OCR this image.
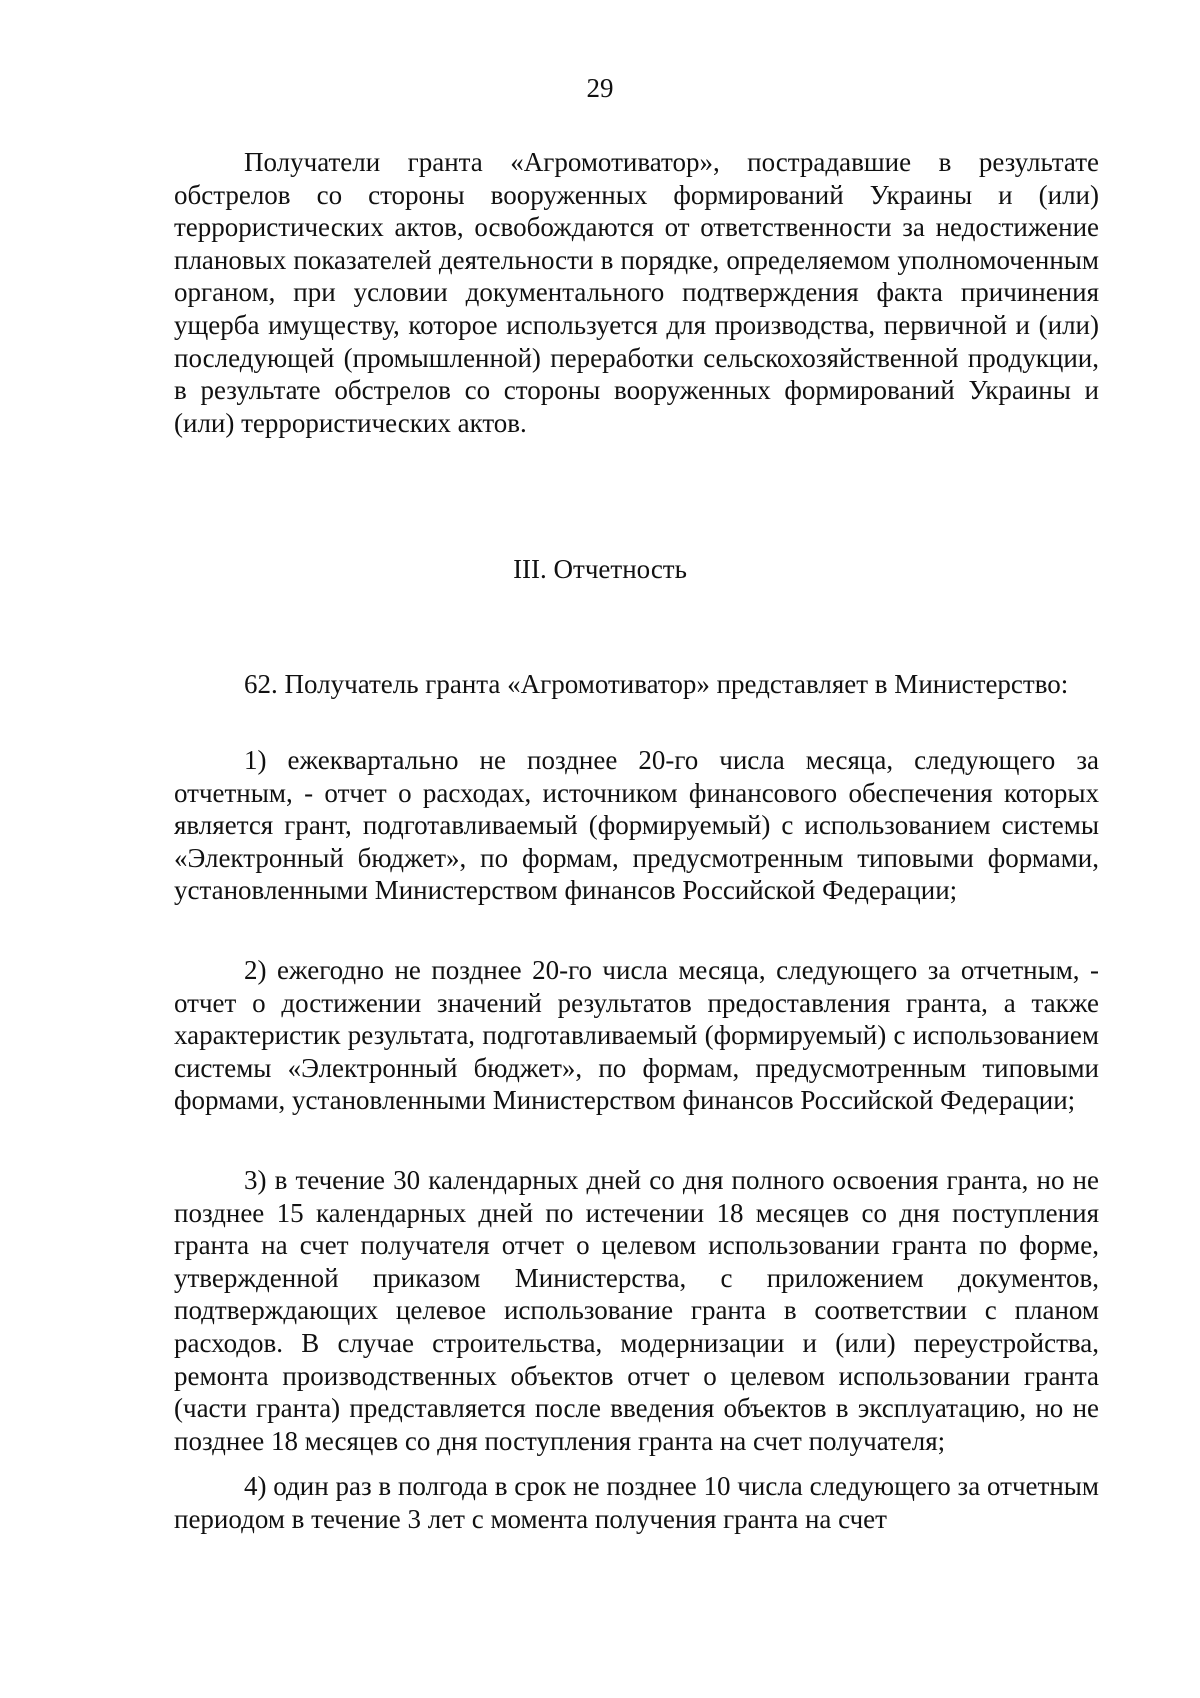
29

Получатели гранта «Агромотиватор», пострадавшие в результате обстрелов со стороны вооруженных формирований Украины и (или) террористических актов, освобождаются от ответственности за недостижение плановых показателей деятельности в порядке, определяемом уполномоченным органом, при условии документального подтверждения факта причинения ущерба имуществу, которое используется для производства, первичной и (или) последующей (промышленной) переработки сельскохозяйственной продукции, в результате обстрелов со стороны вооруженных формирований Украины и (или) террористических актов.

III. Отчетность

62. Получатель гранта «Агромотиватор» представляет в Министерство:

1) ежеквартально не позднее 20-го числа месяца, следующего за отчетным, - отчет о расходах, источником финансового обеспечения которых является грант, подготавливаемый (формируемый) с использованием системы «Электронный бюджет», по формам, предусмотренным типовыми формами, установленными Министерством финансов Российской Федерации;

2) ежегодно не позднее 20-го числа месяца, следующего за отчетным, - отчет о достижении значений результатов предоставления гранта, а также характеристик результата, подготавливаемый (формируемый) с использованием системы «Электронный бюджет», по формам, предусмотренным типовыми формами, установленными Министерством финансов Российской Федерации;

3) в течение 30 календарных дней со дня полного освоения гранта, но не позднее 15 календарных дней по истечении 18 месяцев со дня поступления гранта на счет получателя отчет о целевом использовании гранта по форме, утвержденной приказом Министерства, с приложением документов, подтверждающих целевое использование гранта в соответствии с планом расходов. В случае строительства, модернизации и (или) переустройства, ремонта производственных объектов отчет о целевом использовании гранта (части гранта) представляется после введения объектов в эксплуатацию, но не позднее 18 месяцев со дня поступления гранта на счет получателя;

4) один раз в полгода в срок не позднее 10 числа следующего за отчетным периодом в течение 3 лет с момента получения гранта на счет
